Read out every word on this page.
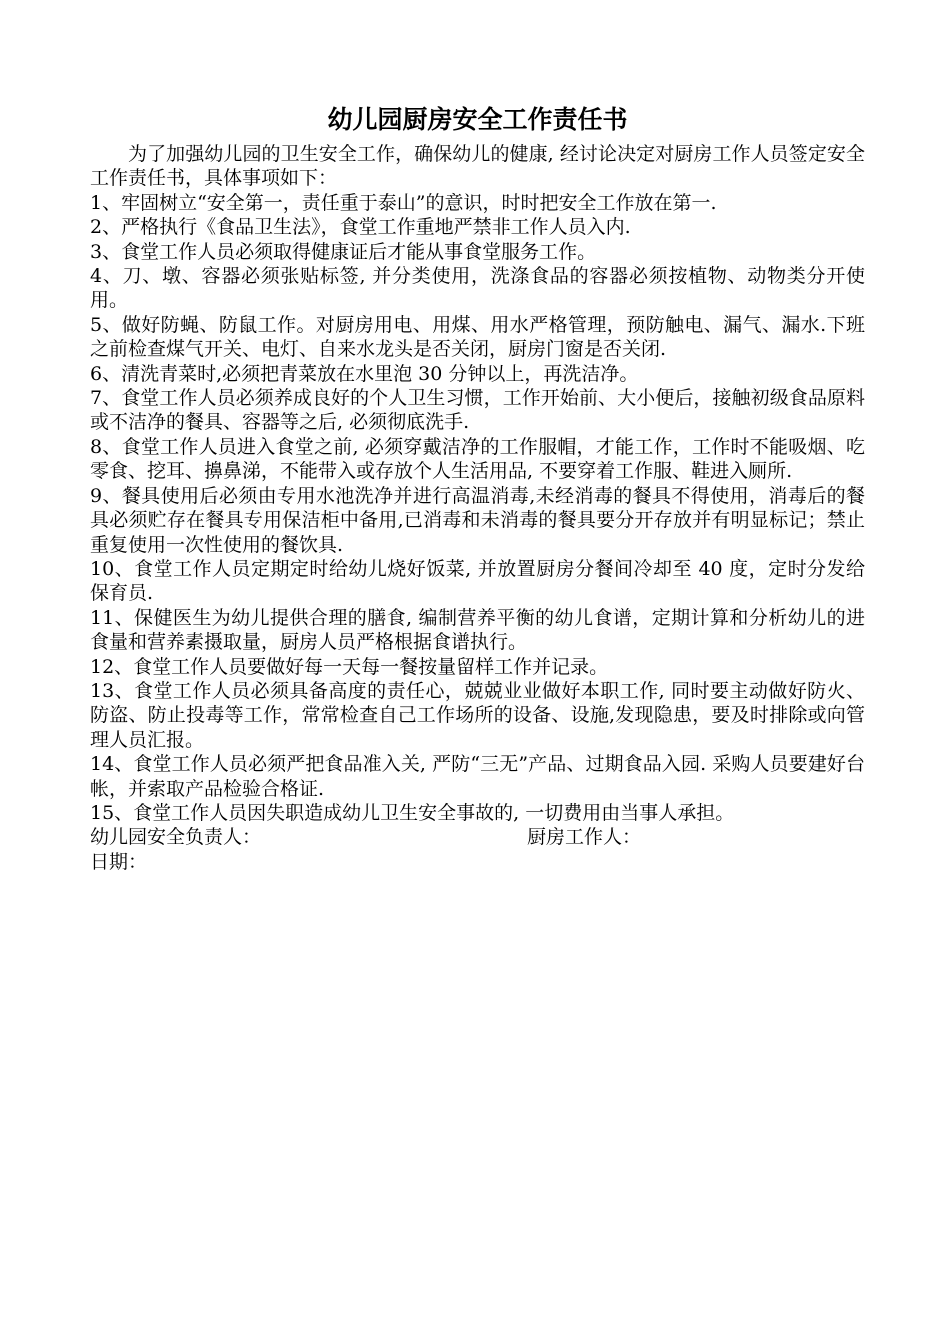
幼儿园厨房安全工作责任书

为了加强幼儿园的卫生安全工作，确保幼儿的健康, 经讨论决定对厨房工作人员签定安全工作责任书，具体事项如下：

1、牢固树立“安全第一，责任重于泰山”的意识，时时把安全工作放在第一.

2、严格执行《食品卫生法》，食堂工作重地严禁非工作人员入内.

3、食堂工作人员必须取得健康证后才能从事食堂服务工作。

4、刀、墩、容器必须张贴标签, 并分类使用，洗涤食品的容器必须按植物、动物类分开使用。

5、做好防蝇、防鼠工作。对厨房用电、用煤、用水严格管理，预防触电、漏气、漏水.下班之前检查煤气开关、电灯、自来水龙头是否关闭，厨房门窗是否关闭.

6、清洗青菜时,必须把青菜放在水里泡 30 分钟以上，再洗洁净。

7、食堂工作人员必须养成良好的个人卫生习惯，工作开始前、大小便后，接触初级食品原料或不洁净的餐具、容器等之后, 必须彻底洗手.

8、食堂工作人员进入食堂之前, 必须穿戴洁净的工作服帽，才能工作，工作时不能吸烟、吃零食、挖耳、擤鼻涕，不能带入或存放个人生活用品, 不要穿着工作服、鞋进入厕所.

9、餐具使用后必须由专用水池洗净并进行高温消毒,未经消毒的餐具不得使用，消毒后的餐具必须贮存在餐具专用保洁柜中备用,已消毒和未消毒的餐具要分开存放并有明显标记；禁止重复使用一次性使用的餐饮具.

10、食堂工作人员定期定时给幼儿烧好饭菜, 并放置厨房分餐间冷却至 40 度，定时分发给保育员.

11、保健医生为幼儿提供合理的膳食, 编制营养平衡的幼儿食谱，定期计算和分析幼儿的进食量和营养素摄取量，厨房人员严格根据食谱执行。

12、食堂工作人员要做好每一天每一餐按量留样工作并记录。

13、食堂工作人员必须具备高度的责任心，兢兢业业做好本职工作, 同时要主动做好防火、防盗、防止投毒等工作，常常检查自己工作场所的设备、设施,发现隐患，要及时排除或向管理人员汇报。

14、食堂工作人员必须严把食品准入关, 严防“三无”产品、过期食品入园. 采购人员要建好台帐，并索取产品检验合格证.

15、食堂工作人员因失职造成幼儿卫生安全事故的, 一切费用由当事人承担。

幼儿园安全负责人：	厨房工作人：
日期：
